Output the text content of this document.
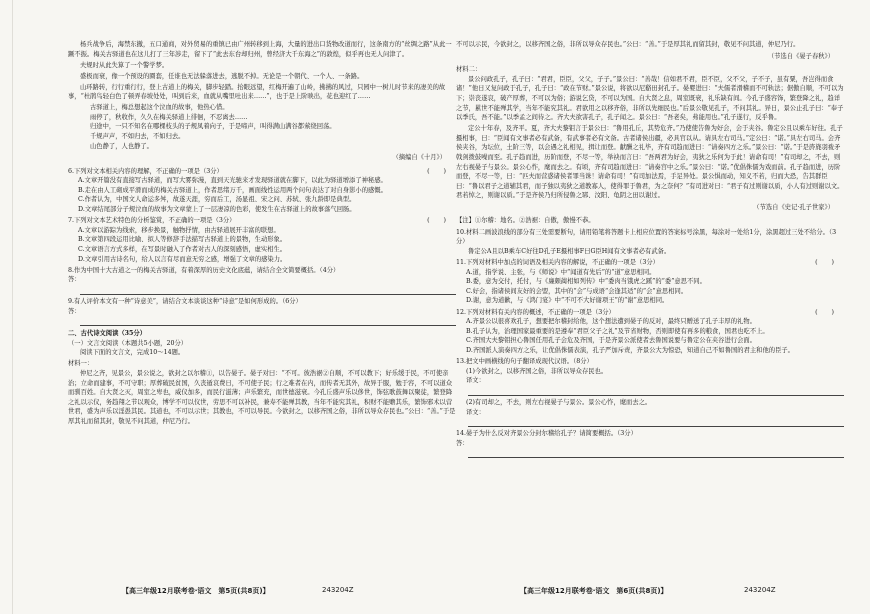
杨兵战争后，海禁东撤，五口通商，对外贸易的重镇已由广州转移到上海，大量的进出口货物改道而行，这条南方的“丝绸之路”从此一蹶不振。梅关古驿道也在这儿打了三年涉走，留下了“此去东台却归州，曾经济大千东海之”的敦煌，似乎再也无人问津了。

夫规时从此失算了一个警学梦。

盛极而衰，像一个预设的圈套，任谁也无法躲落进去，逃脱不掉。无论是一个朝代、一个人、一条路。

山环路转，行行重行行，登上古道上的梅关，脚步轻踏。抬眼远望，红梅开遍了山岭，拂拂的风过，只园中一树儿时节来的凄美的故事，“杜鹃鸟轻白色了顿弄春坡处处，叫到后来，血就从嘴里吐出来……”，也于是上阶映出，花也迎红了……

古驿道上，梅总想起这个泣血的故事，他热心惜。

雨停了，秋收作，久久在梅关驿道上徘徊，不忍离去……

归途中，一只不知名在哪棵枝头的子规凤着向子，于是啼声，叫得满山满谷都萦绕回荡。

千规声声，不如归去，不如归去。

山色静了，人也静了。

（摘编自《十月》）

6.下列对文本相关内容的理解，不正确的一项是（3分）	( )

A.文章开篇没有直接写古驿道，而写大雾弥漫，直到天光驰来才发现驿道就在脚下，以此为驿道增添了神秘感。

B.走在由人工砌成平滑而成的梅关古驿道上，作者思绪万千，画面线性运用两个问句表达了对自身影小的感慨。

C.作者认为，中国文人命运多舛，故遂天涯，穷而后工，汤显祖、宋之问、苏轼、张九龄即是典型。

D.文章结尾部分子规泣血的故事为文章蒙上了一层凄凉的色彩，使发生在古驿道上的故事落气回肠。

7.下列对文本艺术特色的分析鉴赏，不正确的一项是（3分）	( )

A.文章以游踪为线索，移步换景，触物抒情，由古驿道展开丰富的联想。

B.文章第四段运用比喻、拟人等修辞手法描写古驿道上的景物，生动形象。

C.文章语言方式多样，在写景时融入了作者对古人的深刻感悟，虚实相生。

D.文章引用古诗名句，给人以言有尽而意无穷之感，增强了文章的感染力。

8.作为中国十大古道之一的梅关古驿道，有着深厚的历史文化底蕴，请结合全文简要概括。（4分）

答：

9.有人评价本文有一种“诗意美”，请结合文本谈谈这种“诗意”是如何形成的。（6分）

答：

二、古代诗文阅读（35分）

（一）文言文阅读（本题共5小题，20分）

阅读下面的文言文，完成10～14题。

材料一：

仲尼之齐，见景公，景公说之，欲封之以尔稽①，以告晏子。晏子对曰：“不可。彼浩裾②自顺，不可以教下；好乐缓于民，不可使亲治；立命而建事，不可守职；厚葬破民贫国，久丧遁哀费日，不可使子民；行之难者在内，而传者无其外，故异于服，勉于容，不可以道众而驯百姓。自大贤之灭，周室之卑也，威仪加多，而民行滋薄；声乐繁充，而世德滋衰。今孔丘盛声乐以侈世，饰弦歌鼓舞以聚徒，繁登降之礼以示仪，务趋翔之节以观众，博学不可以仪世，劳思不可以补民，兼寿不能殚其教，当年不能究其礼，积财不能赡其乐，繁饰邪术以营世君，盛为声乐以淫愚其民。其道也，不可以示世；其教也，不可以导民。今欲封之，以移齐国之俗，非所以导众存民也。”公曰：“善。”于是厚其礼而留其封，敬见不问其道，仲尼乃行。

【高三年级12月联考卷·语文　第5页(共8页)】	243204Z

不可以示民，今欲封之，以移齐国之俗，非所以导众存民也。”公曰：“善。”于是厚其礼而留其封，敬见不问其道，仲尼乃行。

（节选自《晏子春秋》）

材料二：

景公问政孔子，孔子曰：“君君，臣臣，父父，子子。”景公曰：“善哉！信如君不君，臣不臣，父不父，子不子，虽有粟，吾岂得而食诸！”他日又复问政于孔子，孔子曰：“政在节财。”景公说，将欲以尼谿田封孔子。晏婴进曰：“夫儒者滑稽而不可轨法；倨傲自顺，不可以为下；崇丧遂哀，破产厚葬，不可以为俗；游说乞贷，不可以为国。自大贤之息，周室既衰，礼乐缺有间。今孔子盛容饰，繁登降之礼，趋详之节，累世不能殚其学，当年不能究其礼。君欲用之以移齐俗，非所以先细民也。”后景公敬见孔子，不问其礼。异日，景公止孔子曰：“奉子以季氏，吾不能。”以季孟之间待之。齐大夫欲害孔子，孔子闻之。景公曰：“吾老矣，弗能用也。”孔子遂行，反乎鲁。

定公十年春，及齐平。夏，齐大夫黎钼言于景公曰：“鲁用孔丘，其势危齐。”乃使使告鲁为好会，会于夹谷。鲁定公且以乘车好往。孔子摄相事，曰：“臣闻有文事者必有武备，有武事者必有文备。古者诸侯出疆，必具官以从。请具左右司马。”定公曰：“诺。”具左右司马。会齐侯夹谷，为坛位，土阶三等，以会遇之礼相见，揖让而登。献酬之礼毕，齐有司趋而进曰：“请奏四方之乐。”景公曰：“诺。”于是旍旄羽袯矛戟剑拨鼓噪而至。孔子趋而进，历阶而登，不尽一等，举袂而言曰：“吾两君为好会，夷狄之乐何为于此！请命有司！”有司却之，不去，则左右视晏子与景公。景公心怍，麾而去之。有顷，齐有司趋而进曰：“请奏宫中之乐。”景公曰：“诺。”优倡侏儒为戏而前。孔子趋而进，历阶而登，不尽一等，曰：“匹夫而营惑诸侯者罪当诛！请命有司！”有司加法焉，手足异处。景公惧而动，知义不若，归而大恐，告其群臣曰：“鲁以君子之道辅其君，而子独以夷狄之道教寡人，使得罪于鲁君，为之奈何？”有司进对曰：“君子有过则谢以质，小人有过则谢以文。君若悼之，则谢以质。”于是齐侯乃归所侵鲁之郓、汶阳、龟阴之田以谢过。

（节选自《史记·孔子世家》）

【注】①尔稽：地名。②浩裾：自傲，傲慢不恭。

10.材料二画波浪线的部分有三处需要断句，请用铅笔将答题卡上相应位置的答案标号涂黑，每涂对一处给1分，涂黑超过三处不给分。（3分）

鲁定公A且以B乘车C好往D孔子E摄相事F曰G臣H闻有文事者必有武备。

11.下列对材料中加点的词语及相关内容的解说，不正确的一项是（3分）	( )

A.道，指学说、主张，与《师说》中“闻道有先后”的“道”意思相同。

B.委，意为交付，托付，与《廉颇蔺相如列传》中“委肉当饿虎之蹊”的“委”意思不同。

C.好会，指诸侯间友好的会盟，其中的“会”与成语“会逢其适”的“会”意思相同。

D.谢，意为道歉，与《鸿门宴》中“不可不大好谢项王”的“谢”意思相同。

12.下列对材料有关内容的概述，不正确的一项是（3分）	( )

A.齐景公以很喜欢孔子，想要把尔稽封给他，这个想法遭到晏子的反对，最终只赠送了孔子丰厚的礼物。

B.孔子认为，治理国家最重要的是遵奉“君臣父子之礼”及节省财物，否则即使有再多的粮食，国君也吃不上。

C.齐国大夫黎钼担心鲁国任用孔子会危及齐国，于是齐景公派使者去鲁国说要与鲁定公在夹谷进行会面。

D.齐国派人演奏四方之乐，让优倡侏儒表演，孔子严加斥责，齐景公大为惊恐，知道自己不如鲁国的君主和他的臣子。

13.把文中画横线的句子翻译成现代汉语。（8分）

(1)今欲封之，以移齐国之俗，非所以导众存民也。

译文：

(2)有司却之，不去，则左右视晏子与景公。景公心怍，麾而去之。

译文：

14.晏子为什么反对齐景公分封尔稽给孔子？请简要概括。（3分）

答：

【高三年级12月联考卷·语文　第6页(共8页)】	243204Z
